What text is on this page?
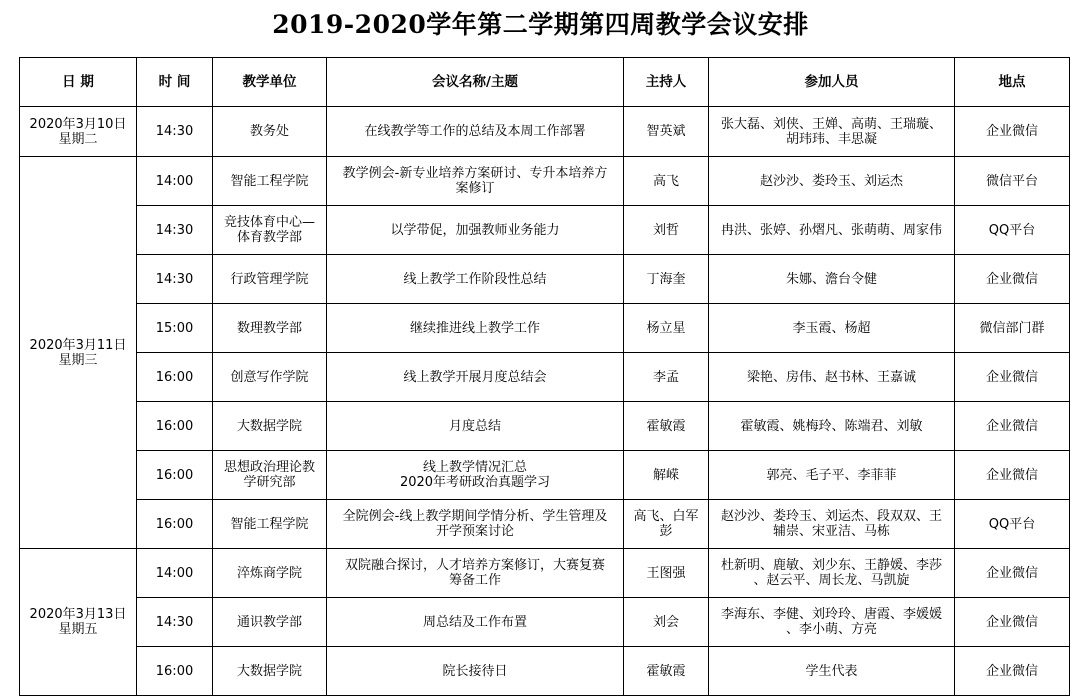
2019-2020学年第二学期第四周教学会议安排
日 期	时 间	教学单位	会议名称/主题	主持人	参加人员	地点
2020年3月10日
星期二	14:30	教务处	在线教学等工作的总结及本周工作部署	智英斌	张大磊、刘侠、王婵、高萌、王瑞璇、
胡玮玮、丰思凝	企业微信
2020年3月11日
星期三	14:00	智能工程学院	教学例会-新专业培养方案研讨、专升本培养方
案修订	高飞	赵沙沙、娄玲玉、刘运杰	微信平台
	14:30	竞技体育中心—
体育教学部	以学带促，加强教师业务能力	刘哲	冉洪、张婷、孙熠凡、张萌萌、周家伟	QQ平台
	14:30	行政管理学院	线上教学工作阶段性总结	丁海奎	朱娜、澹台令健	企业微信
	15:00	数理教学部	继续推进线上教学工作	杨立星	李玉霞、杨超	微信部门群
	16:00	创意写作学院	线上教学开展月度总结会	李孟	梁艳、房伟、赵书林、王嘉诚	企业微信
	16:00	大数据学院	月度总结	霍敏霞	霍敏霞、姚梅玲、陈端君、刘敏	企业微信
	16:00	思想政治理论教
学研究部	线上教学情况汇总
2020年考研政治真题学习	解嵘	郭亮、毛子平、李菲菲	企业微信
	16:00	智能工程学院	全院例会-线上教学期间学情分析、学生管理及
开学预案讨论	高飞、白军
彭	赵沙沙、娄玲玉、刘运杰、段双双、王
辅崇、宋亚洁、马栋	QQ平台
2020年3月13日
星期五	14:00	淬炼商学院	双院融合探讨，人才培养方案修订，大赛复赛
筹备工作	王图强	杜新明、鹿敏、刘少东、王静媛、李莎
、赵云平、周长龙、马凯旋	企业微信
	14:30	通识教学部	周总结及工作布置	刘会	李海东、李健、刘玲玲、唐霞、李媛媛
、李小萌、方亮	企业微信
	16:00	大数据学院	院长接待日	霍敏霞	学生代表	企业微信
